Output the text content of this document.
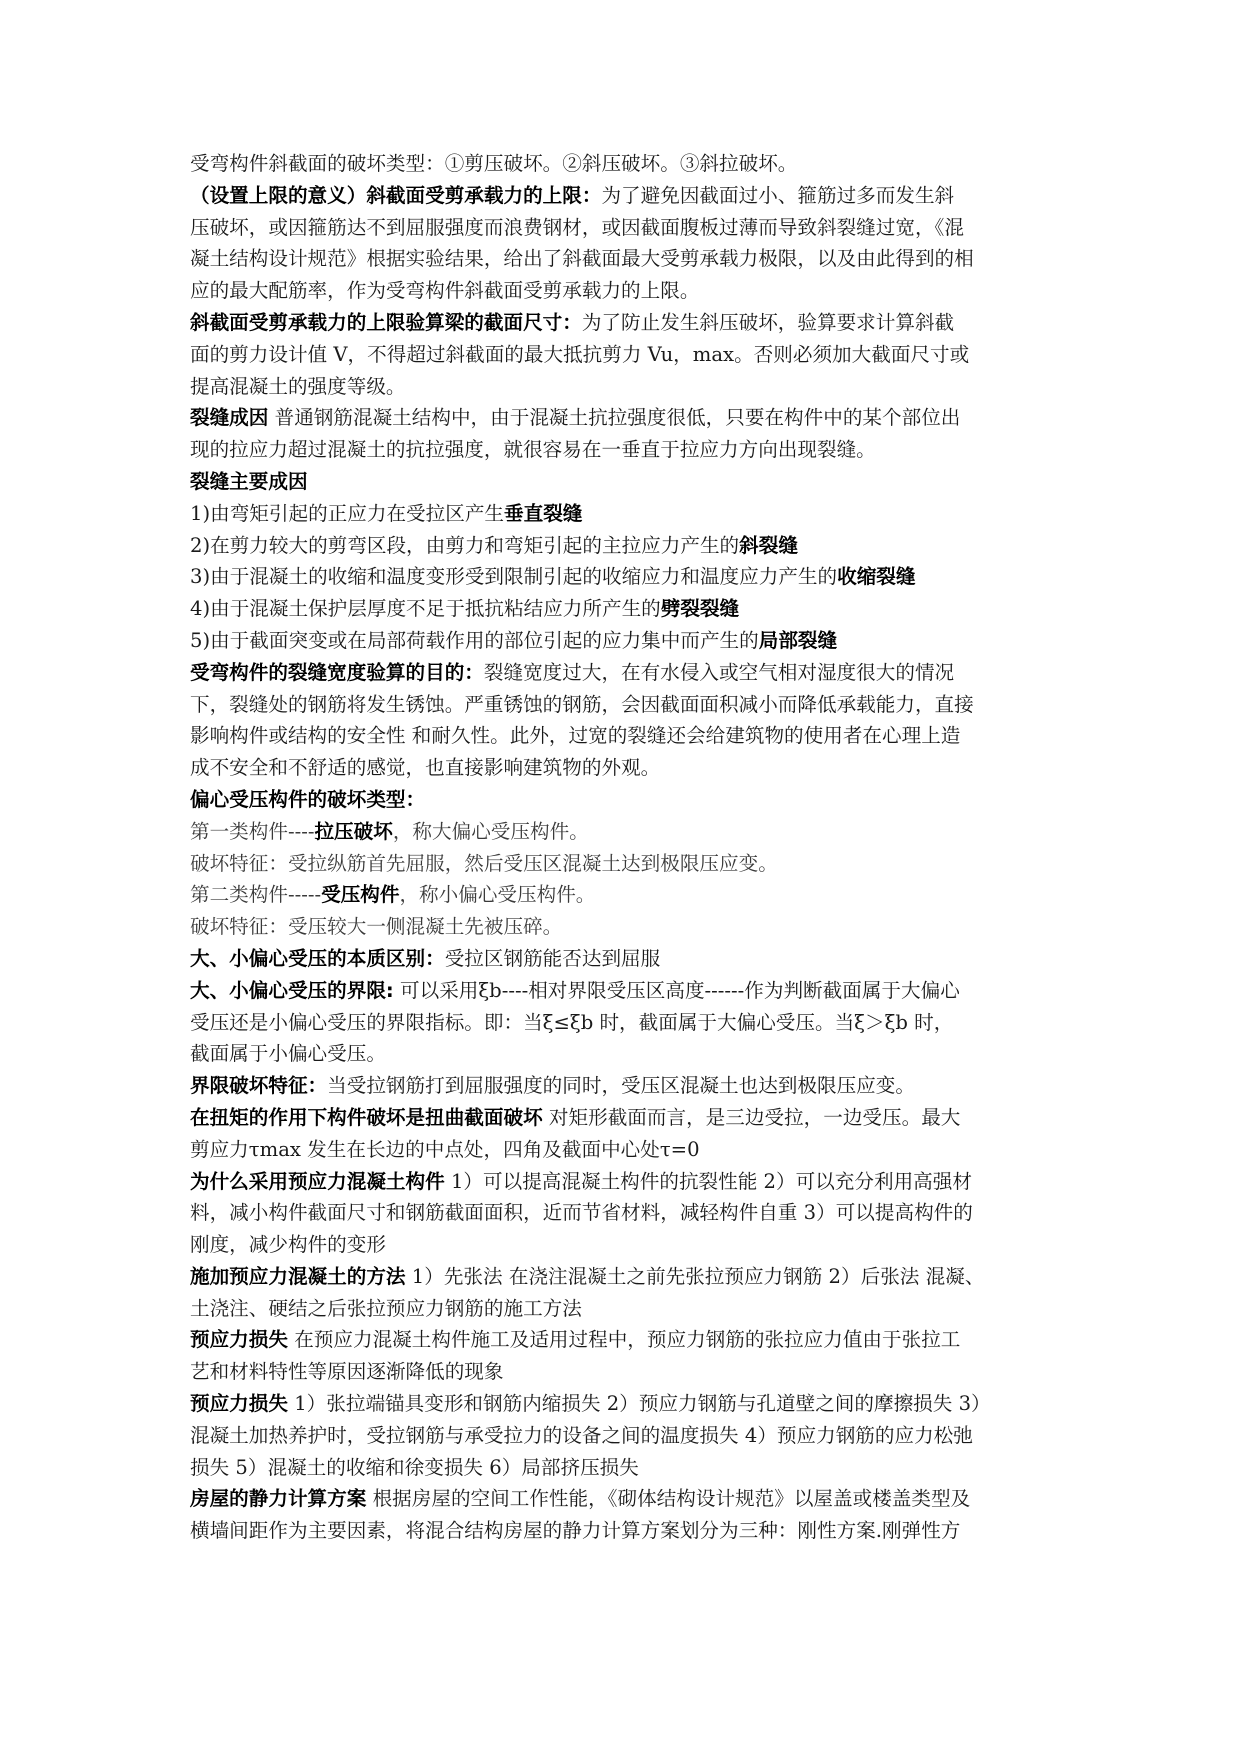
受弯构件斜截面的破坏类型：①剪压破坏。②斜压破坏。③斜拉破坏。
（设置上限的意义）斜截面受剪承载力的上限：为了避免因截面过小、箍筋过多而发生斜
压破坏，或因箍筋达不到屈服强度而浪费钢材，或因截面腹板过薄而导致斜裂缝过宽，《混
凝土结构设计规范》根据实验结果，给出了斜截面最大受剪承载力极限，以及由此得到的相
应的最大配筋率，作为受弯构件斜截面受剪承载力的上限。
斜截面受剪承载力的上限验算梁的截面尺寸：为了防止发生斜压破坏，验算要求计算斜截
面的剪力设计值 V，不得超过斜截面的最大抵抗剪力 Vu，max。否则必须加大截面尺寸或
提高混凝土的强度等级。
裂缝成因 普通钢筋混凝土结构中，由于混凝土抗拉强度很低，只要在构件中的某个部位出
现的拉应力超过混凝土的抗拉强度，就很容易在一垂直于拉应力方向出现裂缝。
裂缝主要成因
1)由弯矩引起的正应力在受拉区产生垂直裂缝
2)在剪力较大的剪弯区段，由剪力和弯矩引起的主拉应力产生的斜裂缝
3)由于混凝土的收缩和温度变形受到限制引起的收缩应力和温度应力产生的收缩裂缝
4)由于混凝土保护层厚度不足于抵抗粘结应力所产生的劈裂裂缝
5)由于截面突变或在局部荷载作用的部位引起的应力集中而产生的局部裂缝
受弯构件的裂缝宽度验算的目的：裂缝宽度过大，在有水侵入或空气相对湿度很大的情况
下，裂缝处的钢筋将发生锈蚀。严重锈蚀的钢筋，会因截面面积减小而降低承载能力，直接
影响构件或结构的安全性 和耐久性。此外，过宽的裂缝还会给建筑物的使用者在心理上造
成不安全和不舒适的感觉，也直接影响建筑物的外观。
偏心受压构件的破坏类型：
第一类构件----拉压破坏，称大偏心受压构件。
破坏特征：受拉纵筋首先屈服，然后受压区混凝土达到极限压应变。
第二类构件-----受压构件，称小偏心受压构件。
破坏特征：受压较大一侧混凝土先被压碎。
大、小偏心受压的本质区别：受拉区钢筋能否达到屈服
大、小偏心受压的界限: 可以采用ξb----相对界限受压区高度------作为判断截面属于大偏心
受压还是小偏心受压的界限指标。即：当ξ≤ξb 时，截面属于大偏心受压。当ξ＞ξb 时，
截面属于小偏心受压。
界限破坏特征：当受拉钢筋打到屈服强度的同时，受压区混凝土也达到极限压应变。
在扭矩的作用下构件破坏是扭曲截面破坏 对矩形截面而言，是三边受拉，一边受压。最大
剪应力τmax 发生在长边的中点处，四角及截面中心处τ=0
为什么采用预应力混凝土构件 1）可以提高混凝土构件的抗裂性能 2）可以充分利用高强材
料，减小构件截面尺寸和钢筋截面面积，近而节省材料，减轻构件自重 3）可以提高构件的
刚度，减少构件的变形
施加预应力混凝土的方法 1）先张法 在浇注混凝土之前先张拉预应力钢筋 2）后张法 混凝、
土浇注、硬结之后张拉预应力钢筋的施工方法
预应力损失 在预应力混凝土构件施工及适用过程中，预应力钢筋的张拉应力值由于张拉工
艺和材料特性等原因逐渐降低的现象
预应力损失 1）张拉端锚具变形和钢筋内缩损失 2）预应力钢筋与孔道壁之间的摩擦损失 3）
混凝土加热养护时，受拉钢筋与承受拉力的设备之间的温度损失 4）预应力钢筋的应力松弛
损失 5）混凝土的收缩和徐变损失 6）局部挤压损失
房屋的静力计算方案 根据房屋的空间工作性能，《砌体结构设计规范》以屋盖或楼盖类型及
横墙间距作为主要因素，将混合结构房屋的静力计算方案划分为三种：刚性方案.刚弹性方
